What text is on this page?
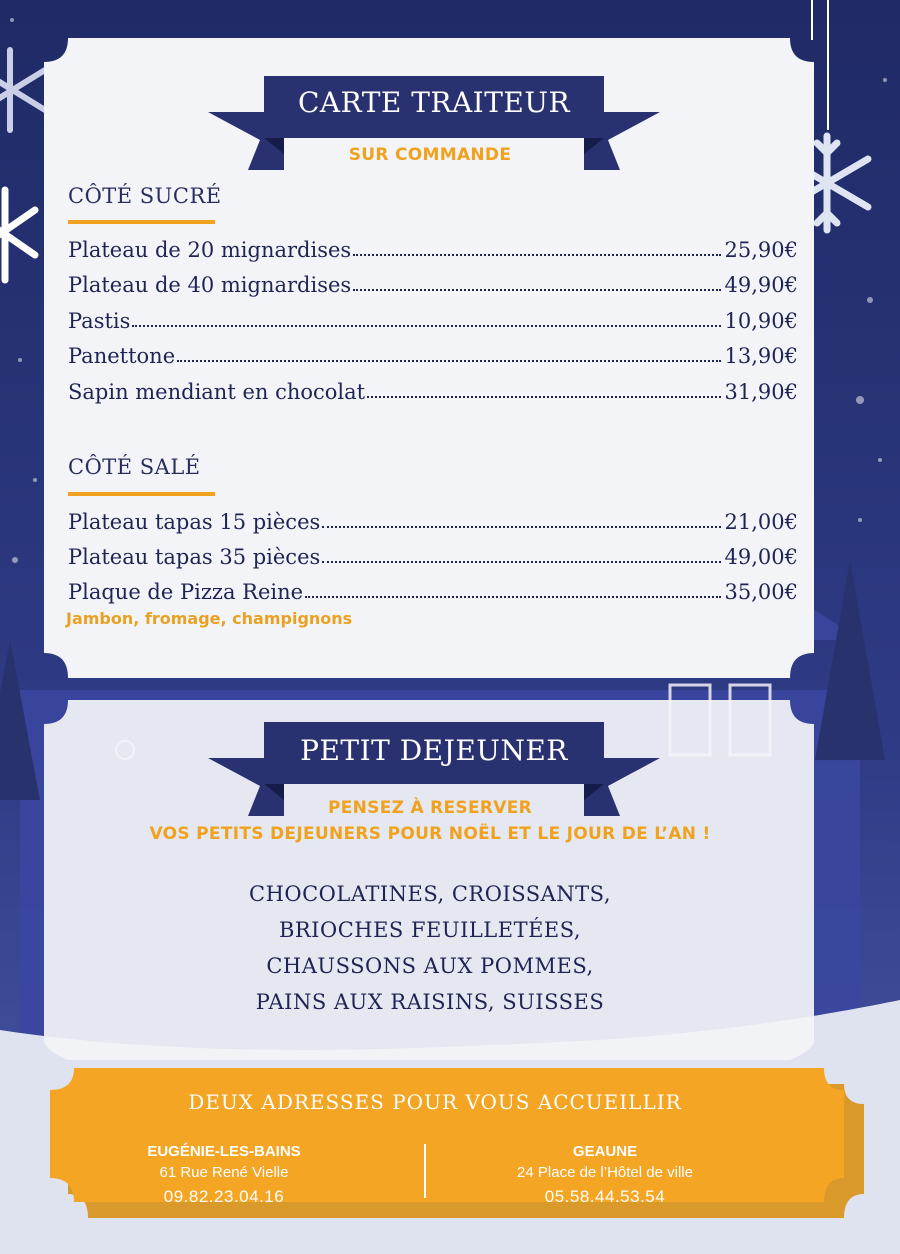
CARTE TRAITEUR
SUR COMMANDE
CÔTÉ SUCRÉ
Plateau de 20 mignardises	25,90€
Plateau de 40 mignardises	49,90€
Pastis	10,90€
Panettone	13,90€
Sapin mendiant en chocolat	31,90€
CÔTÉ SALÉ
Plateau tapas 15 pièces	21,00€
Plateau tapas 35 pièces	49,00€
Plaque de Pizza Reine	35,00€
Jambon, fromage, champignons
PETIT DEJEUNER
PENSEZ À RESERVER
VOS PETITS DEJEUNERS POUR NOËL ET LE JOUR DE L’AN !
CHOCOLATINES, CROISSANTS,
BRIOCHES FEUILLETÉES,
CHAUSSONS AUX POMMES,
PAINS AUX RAISINS, SUISSES
DEUX ADRESSES POUR VOUS ACCUEILLIR
EUGÉNIE-LES-BAINS
61 Rue René Vielle
09.82.23.04.16
GEAUNE
24 Place de l’Hôtel de ville
05.58.44.53.54
